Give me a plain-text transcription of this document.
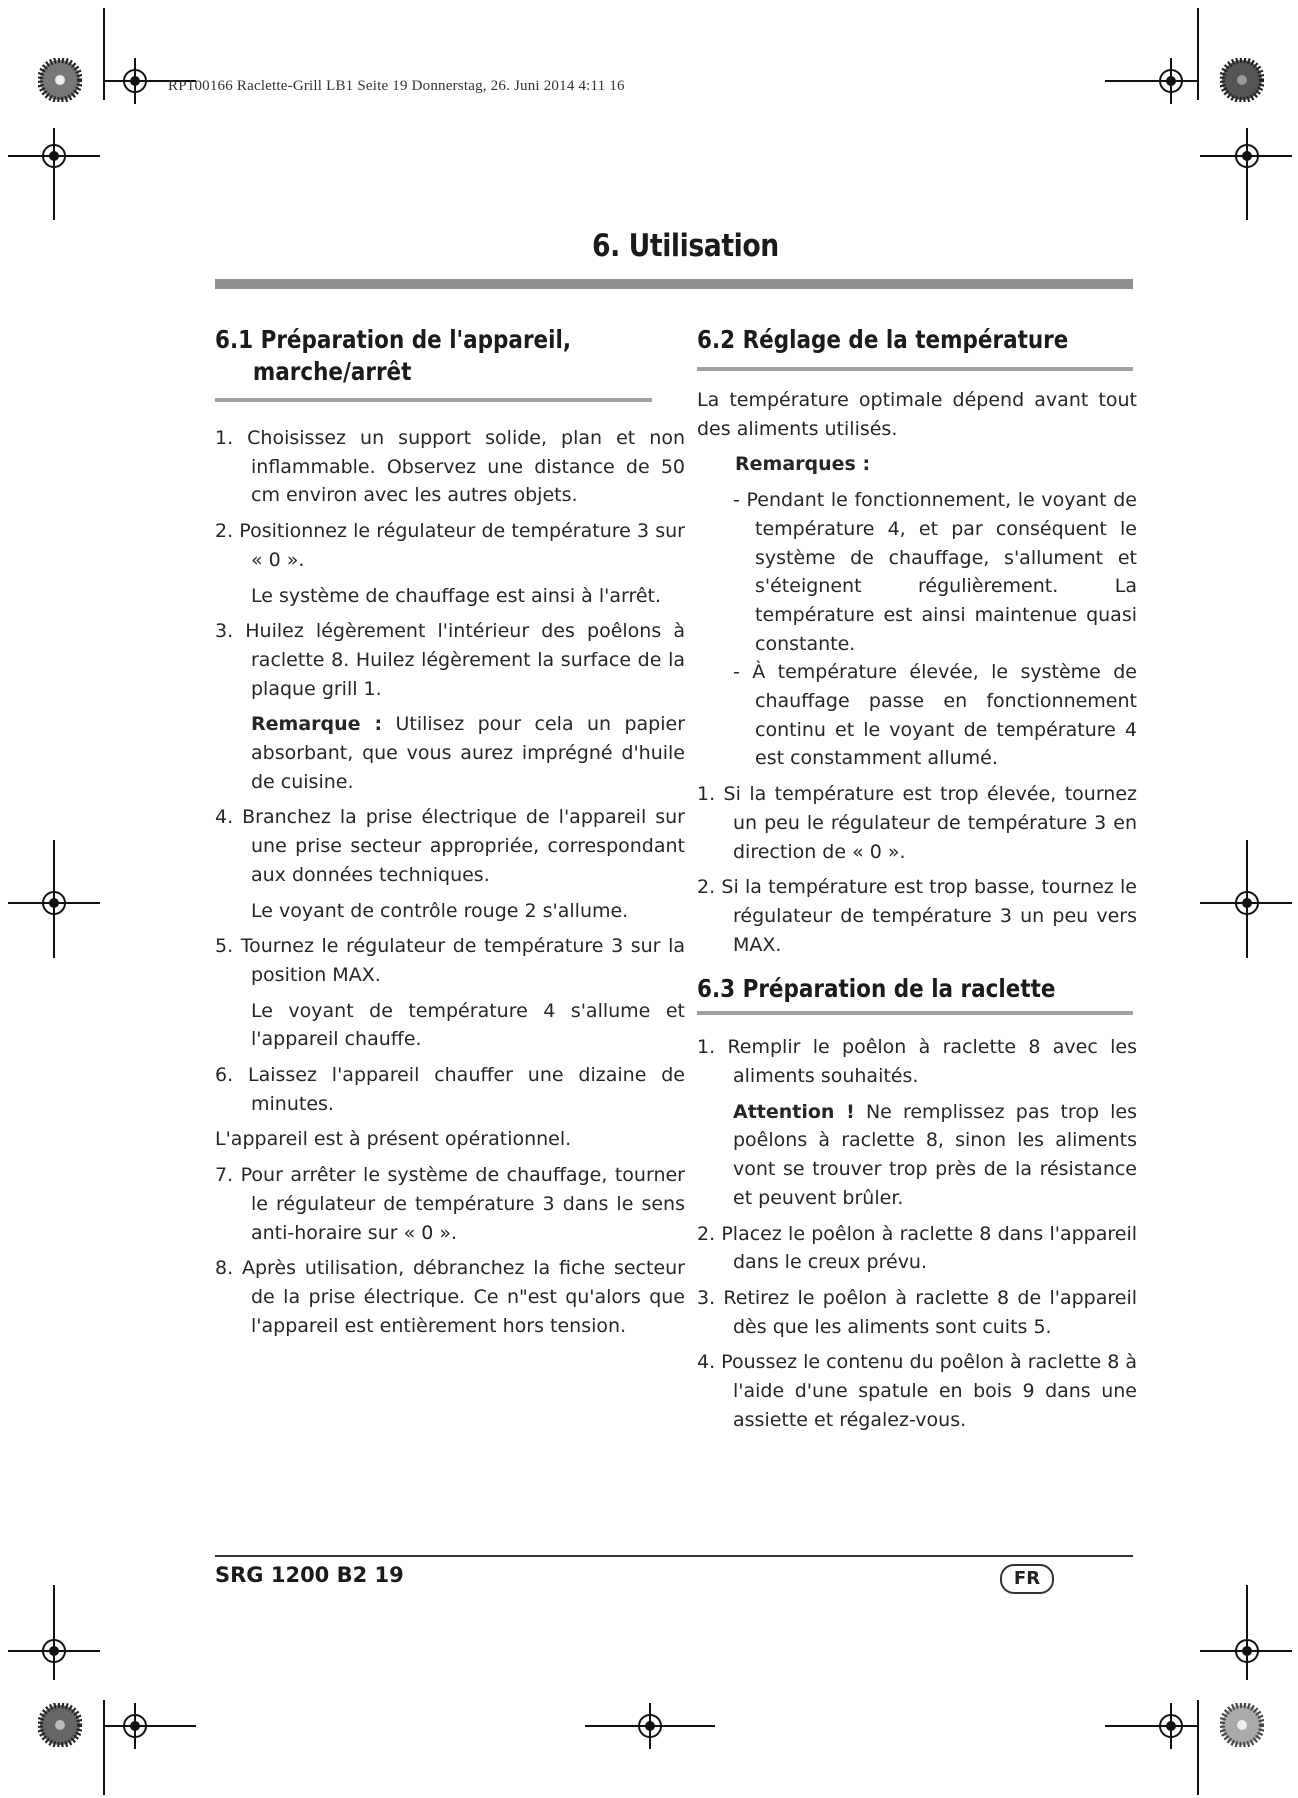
RP100166 Raclette-Grill LB1 Seite 19 Donnerstag, 26. Juni 2014 4:11 16
6. Utilisation
6.1 Préparation de l'appareil,
marche/arrêt

1. Choisissez un support solide, plan et non inflammable. Observez une distance de 50 cm environ avec les autres objets.

2. Positionnez le régulateur de température 3 sur « 0 ».

Le système de chauffage est ainsi à l'arrêt.

3. Huilez légèrement l'intérieur des poêlons à raclette 8. Huilez légèrement la surface de la plaque grill 1.

Remarque : Utilisez pour cela un papier absorbant, que vous aurez imprégné d'huile de cuisine.

4. Branchez la prise électrique de l'appareil sur une prise secteur appropriée, correspondant aux données techniques.

Le voyant de contrôle rouge 2 s'allume.

5. Tournez le régulateur de température 3 sur la position MAX.

Le voyant de température 4 s'allume et l'appareil chauffe.

6. Laissez l'appareil chauffer une dizaine de minutes.

L'appareil est à présent opérationnel.

7. Pour arrêter le système de chauffage, tourner le régulateur de température 3 dans le sens anti-horaire sur « 0 ».

8. Après utilisation, débranchez la fiche secteur de la prise électrique. Ce n"est qu'alors que l'appareil est entièrement hors tension.

6.2 Réglage de la température

La température optimale dépend avant tout des aliments utilisés.

Remarques :

- Pendant le fonctionnement, le voyant de température 4, et par conséquent le système de chauffage, s'allument et s'éteignent régulièrement. La température est ainsi maintenue quasi constante.

- À température élevée, le système de chauffage passe en fonctionnement continu et le voyant de température 4 est constamment allumé.

1. Si la température est trop élevée, tournez un peu le régulateur de température 3 en direction de « 0 ».

2. Si la température est trop basse, tournez le régulateur de température 3 un peu vers MAX.

6.3 Préparation de la raclette

1. Remplir le poêlon à raclette 8 avec les aliments souhaités.

Attention ! Ne remplissez pas trop les poêlons à raclette 8, sinon les aliments vont se trouver trop près de la résistance et peuvent brûler.

2. Placez le poêlon à raclette 8 dans l'appareil dans le creux prévu.

3. Retirez le poêlon à raclette 8 de l'appareil dès que les aliments sont cuits 5.

4. Poussez le contenu du poêlon à raclette 8 à l'aide d'une spatule en bois 9 dans une assiette et régalez-vous.

SRG 1200 B2 19	FR
